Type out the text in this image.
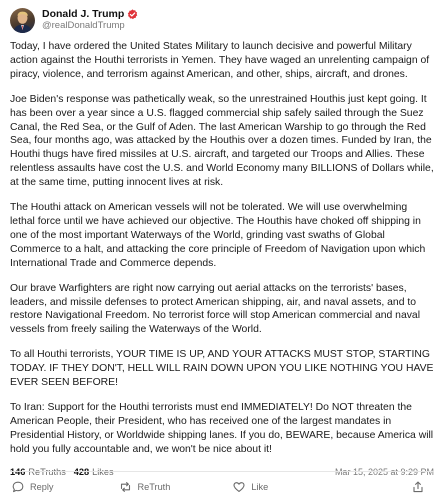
Donald J. Trump
@realDonaldTrump

Today, I have ordered the United States Military to launch decisive and powerful Military action against the Houthi terrorists in Yemen. They have waged an unrelenting campaign of piracy, violence, and terrorism against American, and other, ships, aircraft, and drones.

Joe Biden's response was pathetically weak, so the unrestrained Houthis just kept going. It has been over a year since a U.S. flagged commercial ship safely sailed through the Suez Canal, the Red Sea, or the Gulf of Aden. The last American Warship to go through the Red Sea, four months ago, was attacked by the Houthis over a dozen times. Funded by Iran, the Houthi thugs have fired missiles at U.S. aircraft, and targeted our Troops and Allies. These relentless assaults have cost the U.S. and World Economy many BILLIONS of Dollars while, at the same time, putting innocent lives at risk.

The Houthi attack on American vessels will not be tolerated. We will use overwhelming lethal force until we have achieved our objective. The Houthis have choked off shipping in one of the most important Waterways of the World, grinding vast swaths of Global Commerce to a halt, and attacking the core principle of Freedom of Navigation upon which International Trade and Commerce depends.

Our brave Warfighters are right now carrying out aerial attacks on the terrorists' bases, leaders, and missile defenses to protect American shipping, air, and naval assets, and to restore Navigational Freedom. No terrorist force will stop American commercial and naval vessels from freely sailing the Waterways of the World.

To all Houthi terrorists, YOUR TIME IS UP, AND YOUR ATTACKS MUST STOP, STARTING TODAY. IF THEY DON'T, HELL WILL RAIN DOWN UPON YOU LIKE NOTHING YOU HAVE EVER SEEN BEFORE!

To Iran: Support for the Houthi terrorists must end IMMEDIATELY! Do NOT threaten the American People, their President, who has received one of the largest mandates in Presidential History, or Worldwide shipping lanes. If you do, BEWARE, because America will hold you fully accountable and, we won't be nice about it!

Reply	ReTruth	Like
